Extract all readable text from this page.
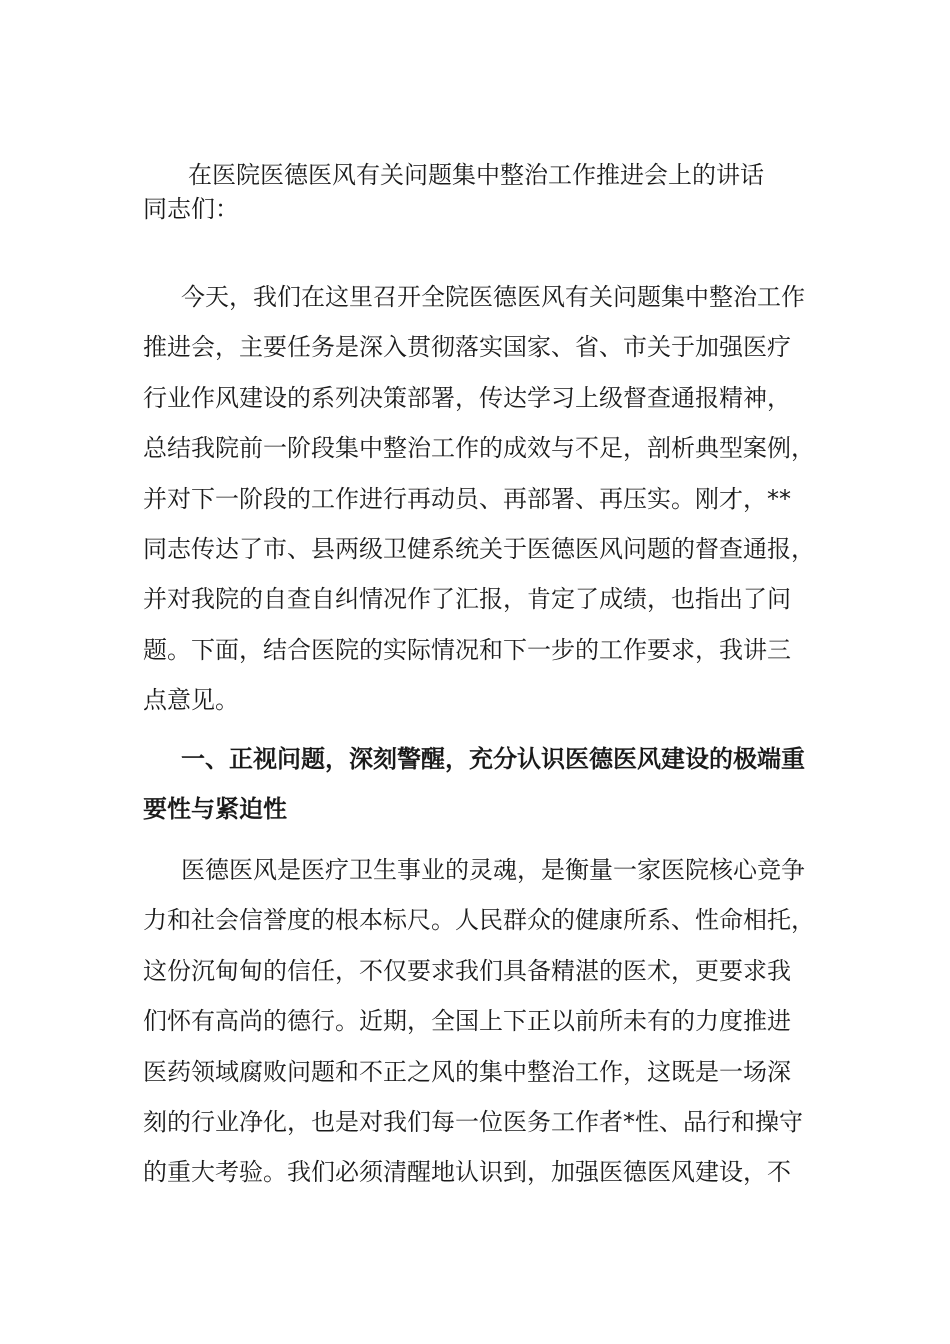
在医院医德医风有关问题集中整治工作推进会上的讲话
同志们：
今天，我们在这里召开全院医德医风有关问题集中整治工作
推进会，主要任务是深入贯彻落实国家、省、市关于加强医疗
行业作风建设的系列决策部署，传达学习上级督查通报精神，
总结我院前一阶段集中整治工作的成效与不足，剖析典型案例，
并对下一阶段的工作进行再动员、再部署、再压实。刚才，**
同志传达了市、县两级卫健系统关于医德医风问题的督查通报，
并对我院的自查自纠情况作了汇报，肯定了成绩，也指出了问
题。下面，结合医院的实际情况和下一步的工作要求，我讲三
点意见。
一、正视问题，深刻警醒，充分认识医德医风建设的极端重
要性与紧迫性
医德医风是医疗卫生事业的灵魂，是衡量一家医院核心竞争
力和社会信誉度的根本标尺。人民群众的健康所系、性命相托，
这份沉甸甸的信任，不仅要求我们具备精湛的医术，更要求我
们怀有高尚的德行。近期，全国上下正以前所未有的力度推进
医药领域腐败问题和不正之风的集中整治工作，这既是一场深
刻的行业净化，也是对我们每一位医务工作者*性、品行和操守
的重大考验。我们必须清醒地认识到，加强医德医风建设，不
